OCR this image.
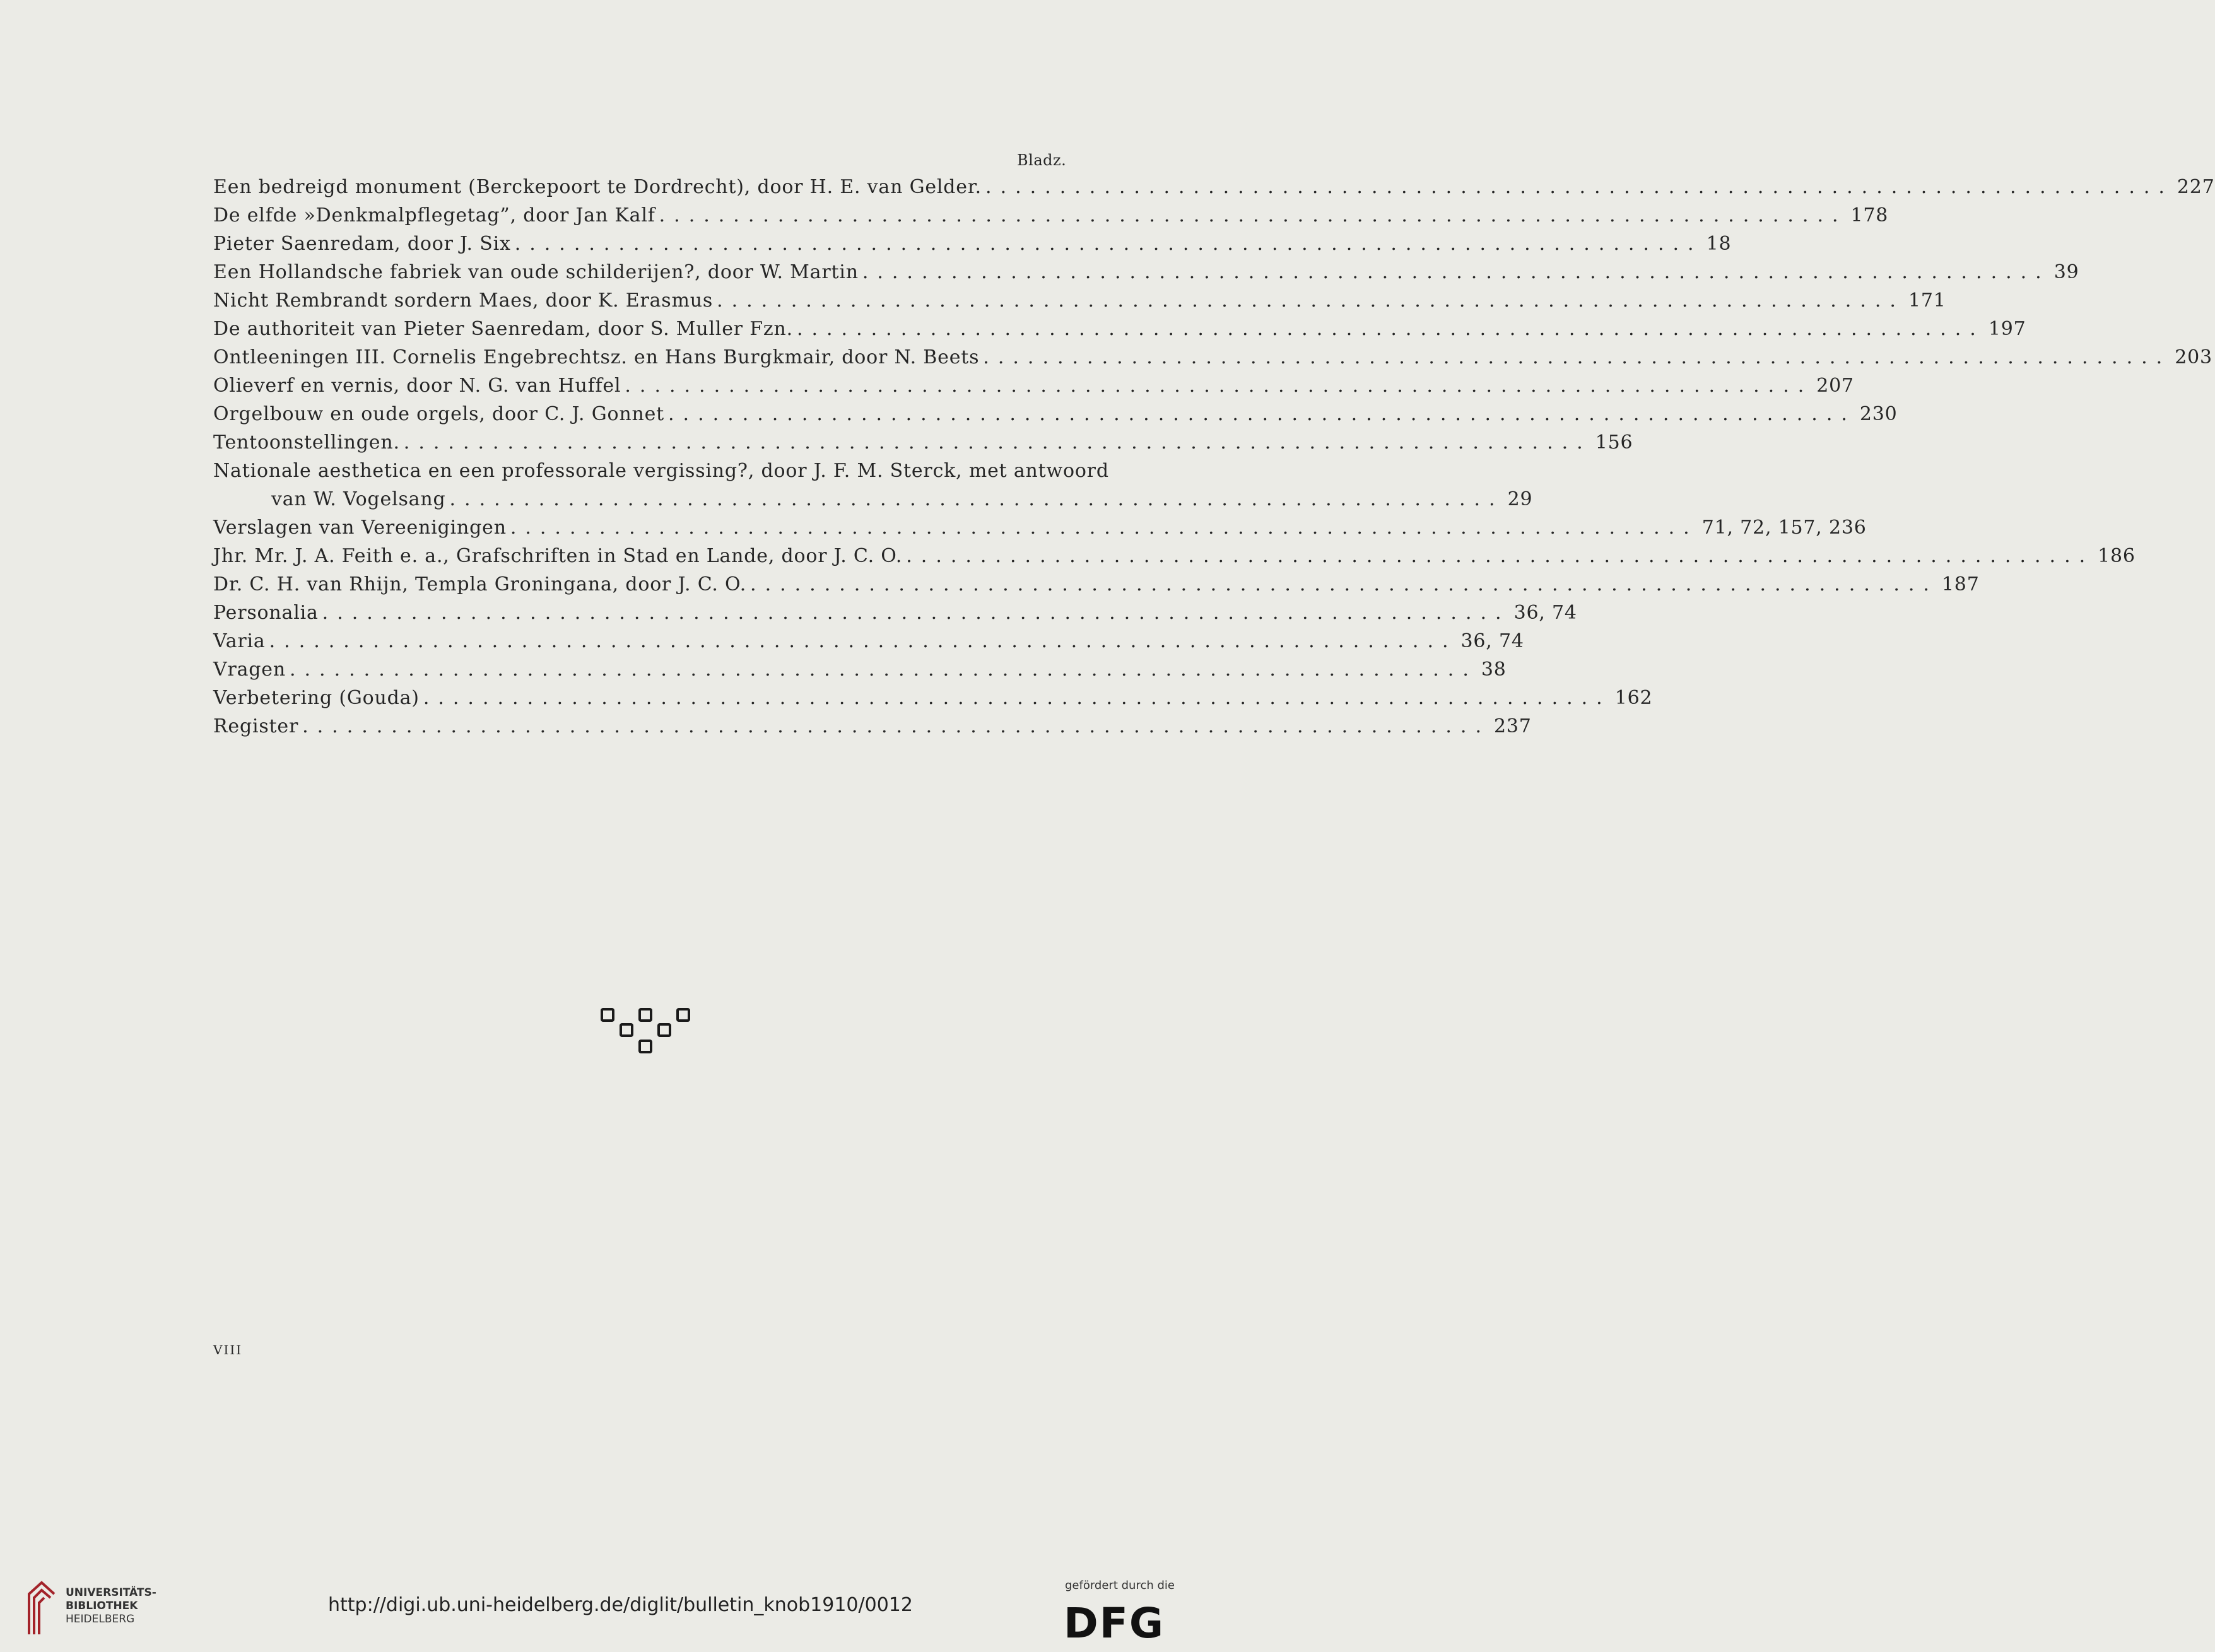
Bladz.
Een bedreigd monument (Berckepoort te Dordrecht), door H. E. van Gelder. ................................................................................ 227
De elfde »Denkmalpflegetag”, door Jan Kalf ................................................................................ 178
Pieter Saenredam, door J. Six ................................................................................ 18
Een Hollandsche fabriek van oude schilderijen?, door W. Martin ................................................................................ 39
Nicht Rembrandt sordern Maes, door K. Erasmus ................................................................................ 171
De authoriteit van Pieter Saenredam, door S. Muller Fzn. ................................................................................ 197
Ontleeningen III. Cornelis Engebrechtsz. en Hans Burgkmair, door N. Beets ................................................................................ 203
Olieverf en vernis, door N. G. van Huffel ................................................................................ 207
Orgelbouw en oude orgels, door C. J. Gonnet ................................................................................ 230
Tentoonstellingen. ................................................................................ 156
Nationale aesthetica en een professorale vergissing?, door J. F. M. Sterck, met antwoord
van W. Vogelsang ....................................................................... 29
Verslagen van Vereenigingen ................................................................................ 71, 72, 157, 236
Jhr. Mr. J. A. Feith e. a., Grafschriften in Stad en Lande, door J. C. O. ................................................................................ 186
Dr. C. H. van Rhijn, Templa Groningana, door J. C. O. ................................................................................ 187
Personalia ................................................................................ 36, 74
Varia ................................................................................ 36, 74
Vragen ................................................................................ 38
Verbetering (Gouda) ................................................................................ 162
Register ................................................................................ 237
VIII
UNIVERSITÄTS-
BIBLIOTHEK
HEIDELBERG
http://digi.ub.uni-heidelberg.de/diglit/bulletin_knob1910/0012
gefördert durch die
DFG
